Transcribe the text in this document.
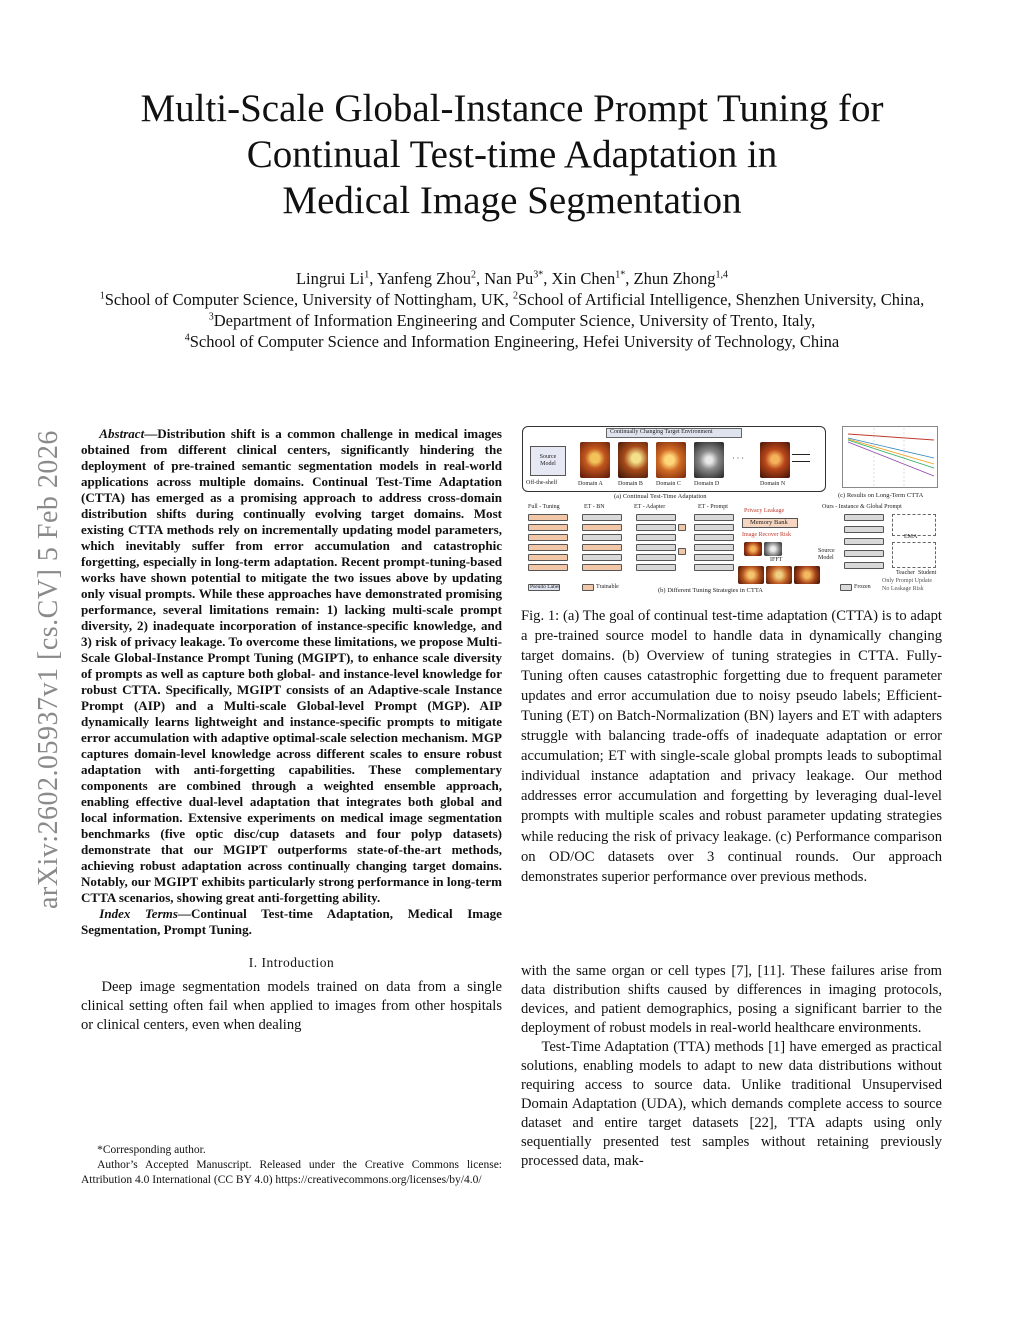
arXiv:2602.05937v1 [cs.CV] 5 Feb 2026
Multi-Scale Global-Instance Prompt Tuning for
Continual Test-time Adaptation in
Medical Image Segmentation
Lingrui Li$^1$, Yanfeng Zhou$^2$, Nan $Pu^{3*}$, Xin Chen$^{1*}$, Zhun Zhong$^{1,4}$
$^1$School of Computer Science, University of Nottingham, UK, $^2$School of Artificial Intelligence, Shenzhen University, China,
$^3$Department of Information Engineering and Computer Science, University of Trento, Italy,
$^4$School of Computer Science and Information Engineering, Hefei University of Technology, China

Abstract—Distribution shift is a common challenge in medical images obtained from different clinical centers, significantly hindering the deployment of pre-trained semantic segmentation models in real-world applications across multiple domains. Continual Test-Time Adaptation (CTTA) has emerged as a promising approach to address cross-domain distribution shifts during continually evolving target domains. Most existing CTTA methods rely on incrementally updating model parameters, which inevitably suffer from error accumulation and catastrophic forgetting, especially in long-term adaptation. Recent prompt-tuning-based works have shown potential to mitigate the two issues above by updating only visual prompts. While these approaches have demonstrated promising performance, several limitations remain: 1) lacking multi-scale prompt diversity, 2) inadequate incorporation of instance-specific knowledge, and 3) risk of privacy leakage. To overcome these limitations, we propose Multi-Scale Global-Instance Prompt Tuning (MGIPT), to enhance scale diversity of prompts as well as capture both global- and instance-level knowledge for robust CTTA. Specifically, MGIPT consists of an Adaptive-scale Instance Prompt (AIP) and a Multi-scale Global-level Prompt (MGP). AIP dynamically learns lightweight and instance-specific prompts to mitigate error accumulation with adaptive optimal-scale selection mechanism. MGP captures domain-level knowledge across different scales to ensure robust adaptation with anti-forgetting capabilities. These complementary components are combined through a weighted ensemble approach, enabling effective dual-level adaptation that integrates both global and local information. Extensive experiments on medical image segmentation benchmarks (five optic disc/cup datasets and four polyp datasets) demonstrate that our MGIPT outperforms state-of-the-art methods, achieving robust adaptation across continually changing target domains. Notably, our MGIPT exhibits particularly strong performance in long-term CTTA scenarios, showing great anti-forgetting ability.

Index Terms—Continual Test-time Adaptation, Medical Image Segmentation, Prompt Tuning.

I. Introduction

Deep image segmentation models trained on data from a single clinical setting often fail when applied to images from other hospitals or clinical centers, even when dealing

*Corresponding author.

Author’s Accepted Manuscript. Released under the Creative Commons license: Attribution 4.0 International (CC BY 4.0) https://creativecommons.org/licenses/by/4.0/

Continually Changing Target Environment
Source Model
Off-the-shelf
· · ·
Domain A	Domain B Domain C Domain D	Domain N
(a) Continual Test-Time Adaptation	(c) Results on Long-Term CTTA
Full - Tuning	ET - BN	ET - Adapter	ET - Prompt	Ours - Instance & Global Prompt
Privacy Leakage
Memory Bank
Image Recover Risk
IFFT
Source Model
EMA
Teacher Student
Pseudo Label	Trainable	(b) Different Tuning Strategies in CTTA	Frozen
Only Prompt Update
No Leakage Risk
Fig. 1: (a) The goal of continual test-time adaptation (CTTA) is to adapt a pre-trained source model to handle data in dynamically changing target domains. (b) Overview of tuning strategies in CTTA. Fully-Tuning often causes catastrophic forgetting due to frequent parameter updates and error accumulation due to noisy pseudo labels; Efficient-Tuning (ET) on Batch-Normalization (BN) layers and ET with adapters struggle with balancing trade-offs of inadequate adaptation or error accumulation; ET with single-scale global prompts leads to suboptimal individual instance adaptation and privacy leakage. Our method addresses error accumulation and forgetting by leveraging dual-level prompts with multiple scales and robust parameter updating strategies while reducing the risk of privacy leakage. (c) Performance comparison on OD/OC datasets over 3 continual rounds. Our approach demonstrates superior performance over previous methods.

with the same organ or cell types [7], [11]. These failures arise from data distribution shifts caused by differences in imaging protocols, devices, and patient demographics, posing a significant barrier to the deployment of robust models in real-world healthcare environments.

Test-Time Adaptation (TTA) methods [1] have emerged as practical solutions, enabling models to adapt to new data distributions without requiring access to source data. Unlike traditional Unsupervised Domain Adaptation (UDA), which demands complete access to source dataset and entire target datasets [22], TTA adapts using only sequentially presented test samples without retaining previously processed data, mak-
